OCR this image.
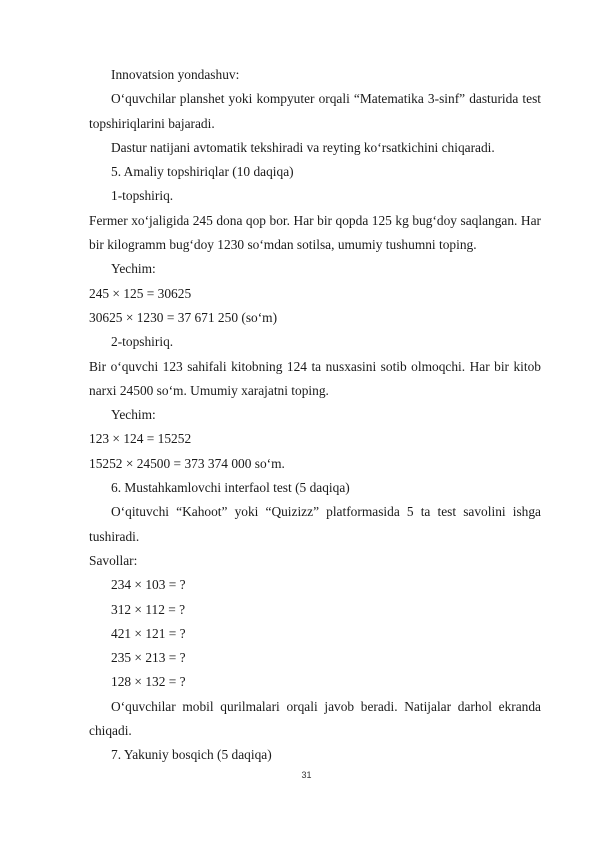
Innovatsion yondashuv:

O‘quvchilar planshet yoki kompyuter orqali “Matematika 3-sinf” dasturida test topshiriqlarini bajaradi.

Dastur natijani avtomatik tekshiradi va reyting ko‘rsatkichini chiqaradi.

5. Amaliy topshiriqlar (10 daqiqa)

1-topshiriq.

Fermer xo‘jaligida 245 dona qop bor. Har bir qopda 125 kg bug‘doy saqlangan. Har bir kilogramm bug‘doy 1230 so‘mdan sotilsa, umumiy tushumni toping.

Yechim:

245 × 125 = 30625

30625 × 1230 = 37 671 250 (so‘m)

2-topshiriq.

Bir o‘quvchi 123 sahifali kitobning 124 ta nusxasini sotib olmoqchi. Har bir kitob narxi 24500 so‘m. Umumiy xarajatni toping.

Yechim:

123 × 124 = 15252

15252 × 24500 = 373 374 000 so‘m.

6. Mustahkamlovchi interfaol test (5 daqiqa)

O‘qituvchi “Kahoot” yoki “Quizizz” platformasida 5 ta test savolini ishga tushiradi.

Savollar:

234 × 103 = ?

312 × 112 = ?

421 × 121 = ?

235 × 213 = ?

128 × 132 = ?

O‘quvchilar mobil qurilmalari orqali javob beradi. Natijalar darhol ekranda chiqadi.

7. Yakuniy bosqich (5 daqiqa)

31
